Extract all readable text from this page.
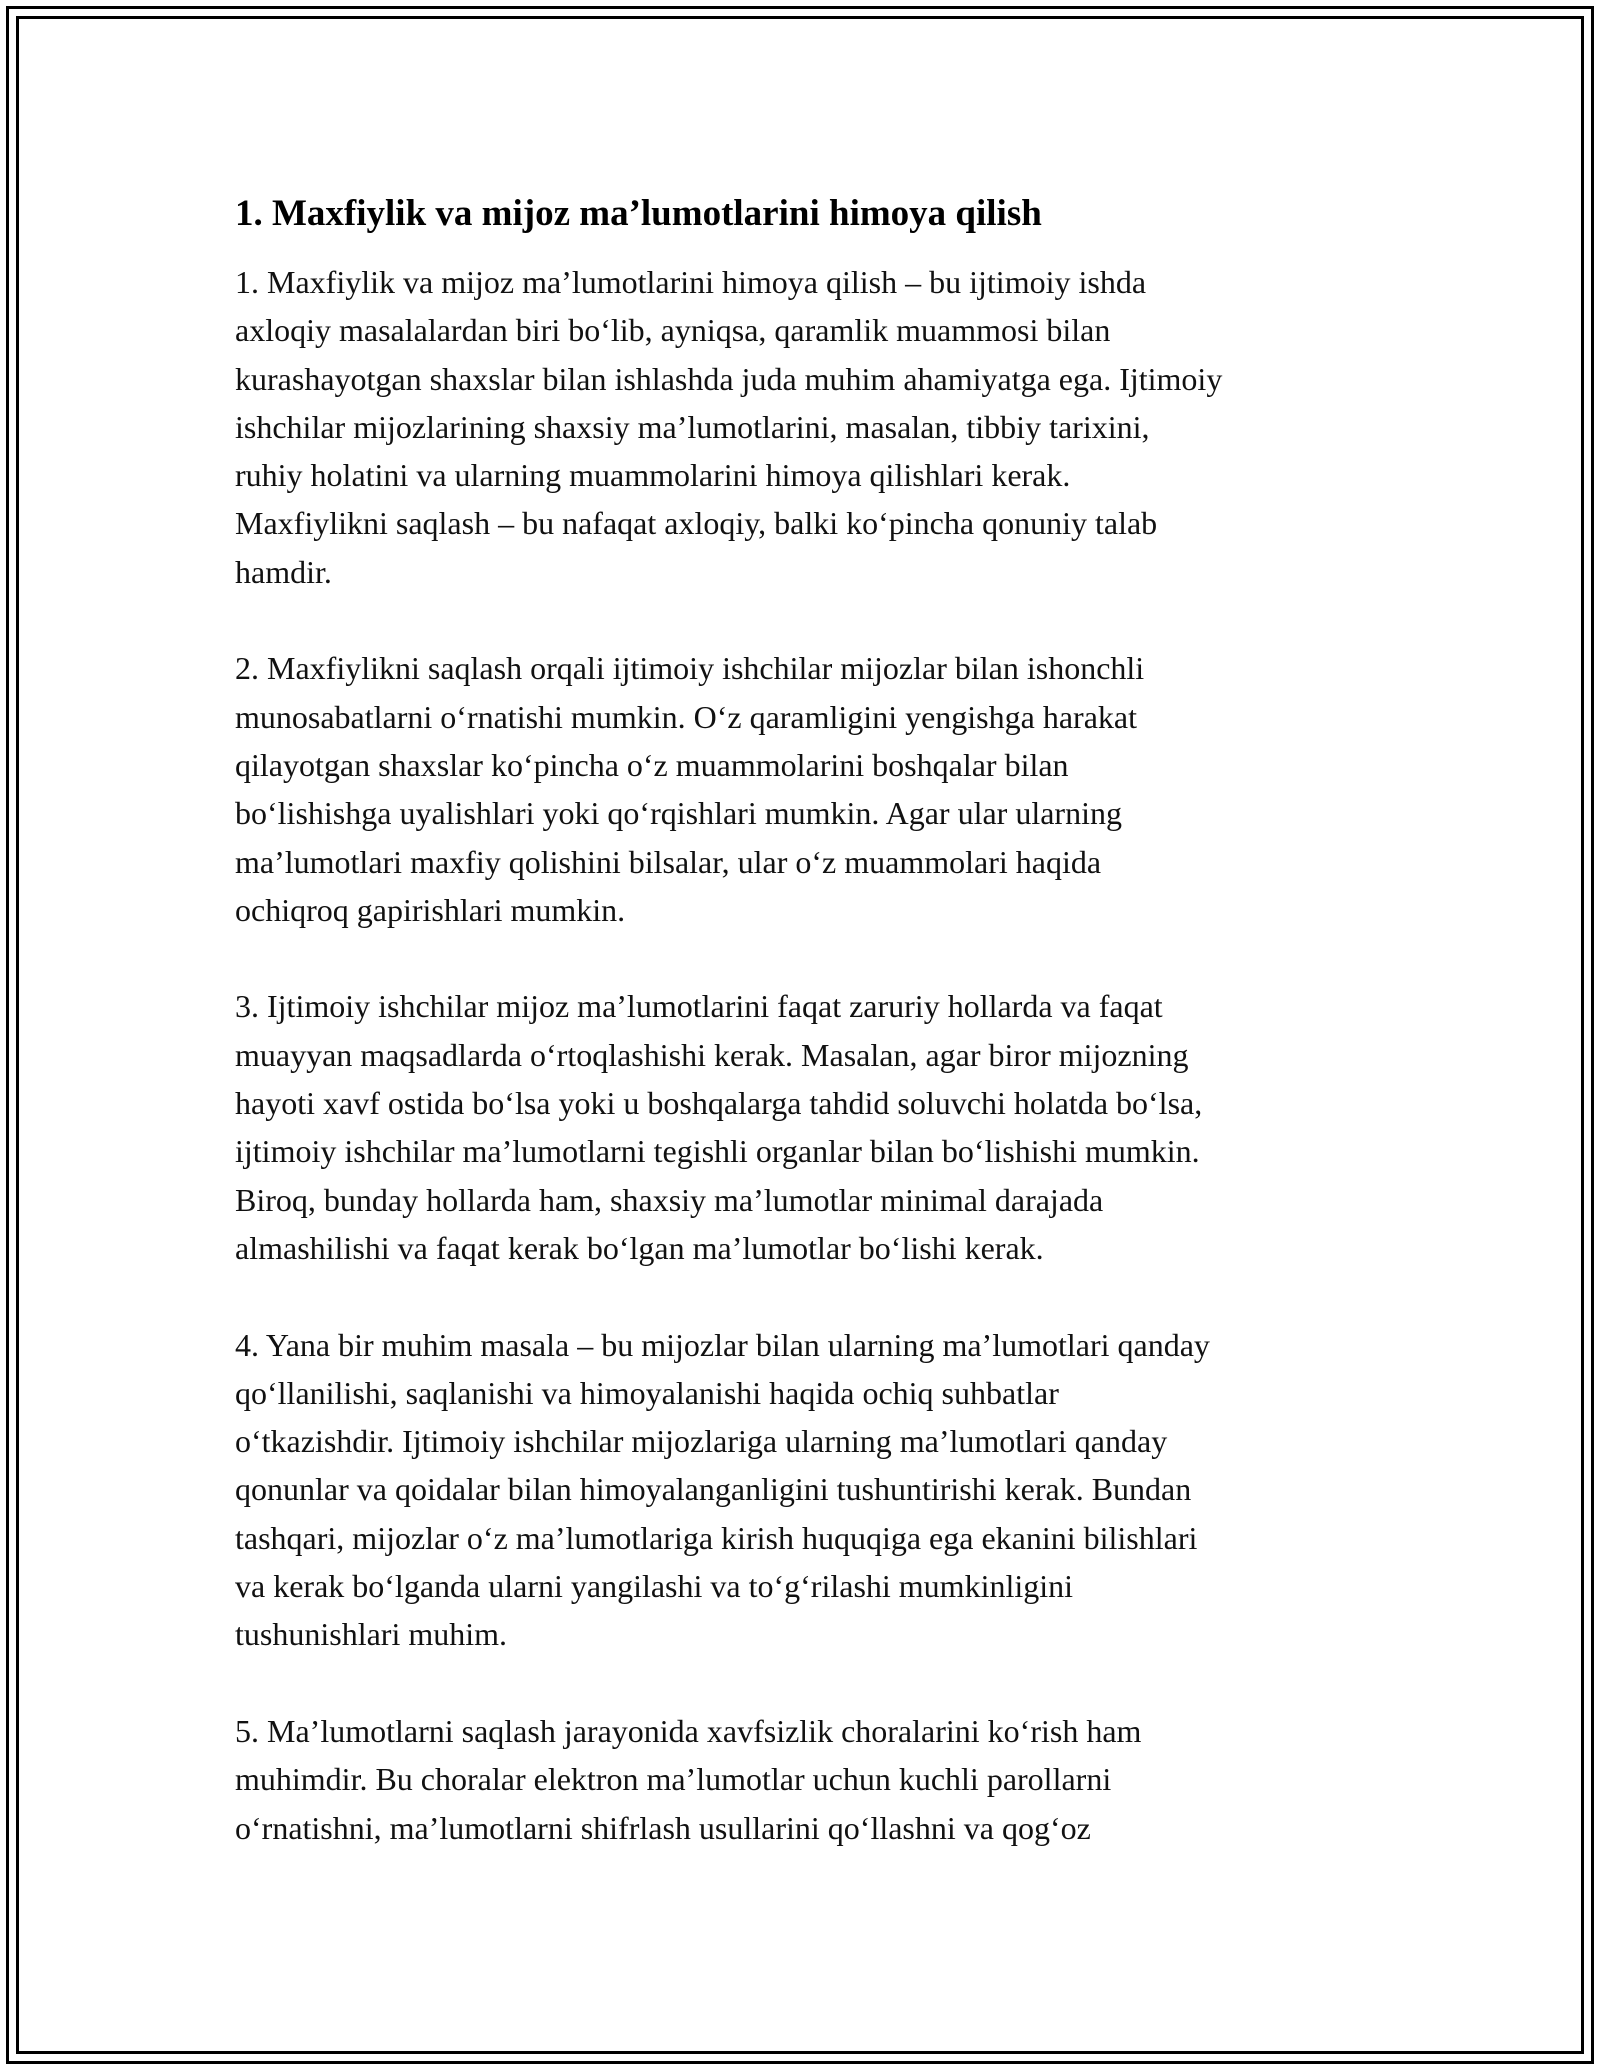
1. Maxfiylik va mijoz ma’lumotlarini himoya qilish

1. Maxfiylik va mijoz ma’lumotlarini himoya qilish – bu ijtimoiy ishda
axloqiy masalalardan biri bo‘lib, ayniqsa, qaramlik muammosi bilan
kurashayotgan shaxslar bilan ishlashda juda muhim ahamiyatga ega. Ijtimoiy
ishchilar mijozlarining shaxsiy ma’lumotlarini, masalan, tibbiy tarixini,
ruhiy holatini va ularning muammolarini himoya qilishlari kerak.
Maxfiylikni saqlash – bu nafaqat axloqiy, balki ko‘pincha qonuniy talab
hamdir.

2. Maxfiylikni saqlash orqali ijtimoiy ishchilar mijozlar bilan ishonchli
munosabatlarni o‘rnatishi mumkin. O‘z qaramligini yengishga harakat
qilayotgan shaxslar ko‘pincha o‘z muammolarini boshqalar bilan
bo‘lishishga uyalishlari yoki qo‘rqishlari mumkin. Agar ular ularning
ma’lumotlari maxfiy qolishini bilsalar, ular o‘z muammolari haqida
ochiqroq gapirishlari mumkin.

3. Ijtimoiy ishchilar mijoz ma’lumotlarini faqat zaruriy hollarda va faqat
muayyan maqsadlarda o‘rtoqlashishi kerak. Masalan, agar biror mijozning
hayoti xavf ostida bo‘lsa yoki u boshqalarga tahdid soluvchi holatda bo‘lsa,
ijtimoiy ishchilar ma’lumotlarni tegishli organlar bilan bo‘lishishi mumkin.
Biroq, bunday hollarda ham, shaxsiy ma’lumotlar minimal darajada
almashilishi va faqat kerak bo‘lgan ma’lumotlar bo‘lishi kerak.

4. Yana bir muhim masala – bu mijozlar bilan ularning ma’lumotlari qanday
qo‘llanilishi, saqlanishi va himoyalanishi haqida ochiq suhbatlar
o‘tkazishdir. Ijtimoiy ishchilar mijozlariga ularning ma’lumotlari qanday
qonunlar va qoidalar bilan himoyalanganligini tushuntirishi kerak. Bundan
tashqari, mijozlar o‘z ma’lumotlariga kirish huquqiga ega ekanini bilishlari
va kerak bo‘lganda ularni yangilashi va to‘g‘rilashi mumkinligini
tushunishlari muhim.

5. Ma’lumotlarni saqlash jarayonida xavfsizlik choralarini ko‘rish ham
muhimdir. Bu choralar elektron ma’lumotlar uchun kuchli parollarni
o‘rnatishni, ma’lumotlarni shifrlash usullarini qo‘llashni va qog‘oz
